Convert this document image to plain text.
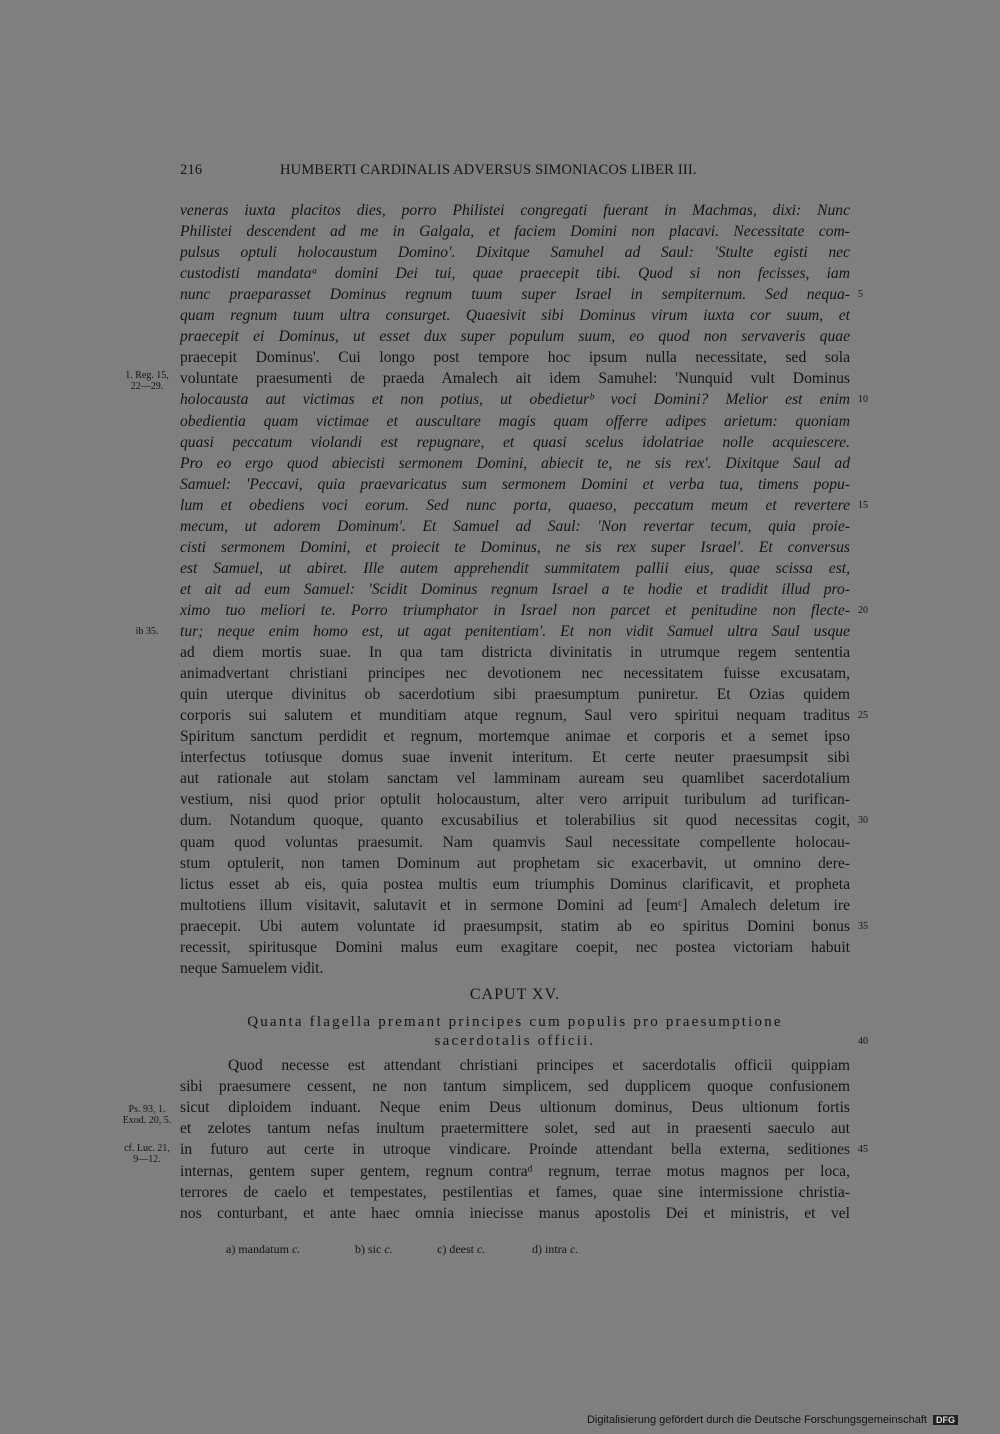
216	HUMBERTI CARDINALIS ADVERSUS SIMONIACOS LIBER III.
veneras iuxta placitos dies, porro Philistei congregati fuerant in Machmas, dixi: Nunc
Philistei descendent ad me in Galgala, et faciem Domini non placavi. Necessitate com-
pulsus optuli holocaustum Domino'. Dixitque Samuhel ad Saul: 'Stulte egisti nec
custodisti mandataᵃ domini Dei tui, quae praecepit tibi. Quod si non fecisses, iam
nunc praeparasset Dominus regnum tuum super Israel in sempiternum. Sed nequa- 5
quam regnum tuum ultra consurget. Quaesivit sibi Dominus virum iuxta cor suum, et
praecepit ei Dominus, ut esset dux super populum suum, eo quod non servaveris quae
praecepit Dominus'. Cui longo post tempore hoc ipsum nulla necessitate, sed sola
voluntate praesumenti de praeda Amalech ait idem Samuhel: 'Nunquid vult Dominus
holocausta aut victimas et non potius, ut obedieturᵇ voci Domini? Melior est enim 10
obedientia quam victimae et auscultare magis quam offerre adipes arietum: quoniam
quasi peccatum violandi est repugnare, et quasi scelus idolatriae nolle acquiescere.
Pro eo ergo quod abiecisti sermonem Domini, abiecit te, ne sis rex'. Dixitque Saul ad
Samuel: 'Peccavi, quia praevaricatus sum sermonem Domini et verba tua, timens popu-
lum et obediens voci eorum. Sed nunc porta, quaeso, peccatum meum et revertere 15
mecum, ut adorem Dominum'. Et Samuel ad Saul: 'Non revertar tecum, quia proie-
cisti sermonem Domini, et proiecit te Dominus, ne sis rex super Israel'. Et conversus
est Samuel, ut abiret. Ille autem apprehendit summitatem pallii eius, quae scissa est,
et ait ad eum Samuel: 'Scidit Dominus regnum Israel a te hodie et tradidit illud pro-
ximo tuo meliori te. Porro triumphator in Israel non parcet et penitudine non flecte- 20
tur; neque enim homo est, ut agat penitentiam'. Et non vidit Samuel ultra Saul usque
ad diem mortis suae. In qua tam districta divinitatis in utrumque regem sententia
animadvertant christiani principes nec devotionem nec necessitatem fuisse excusatam,
quin uterque divinitus ob sacerdotium sibi praesumptum puniretur. Et Ozias quidem
corporis sui salutem et munditiam atque regnum, Saul vero spiritui nequam traditus 25
Spiritum sanctum perdidit et regnum, mortemque animae et corporis et a semet ipso
interfectus totiusque domus suae invenit interitum. Et certe neuter praesumpsit sibi
aut rationale aut stolam sanctam vel lamminam auream seu quamlibet sacerdotalium
vestium, nisi quod prior optulit holocaustum, alter vero arripuit turibulum ad turifican-
dum. Notandum quoque, quanto excusabilius et tolerabilius sit quod necessitas cogit, 30
quam quod voluntas praesumit. Nam quamvis Saul necessitate compellente holocau-
stum optulerit, non tamen Dominum aut prophetam sic exacerbavit, ut omnino dere-
lictus esset ab eis, quia postea multis eum triumphis Dominus clarificavit, et propheta
multotiens illum visitavit, salutavit et in sermone Domini ad [eumᶜ] Amalech deletum ire
praecepit. Ubi autem voluntate id praesumpsit, statim ab eo spiritus Domini bonus 35
recessit, spiritusque Domini malus eum exagitare coepit, nec postea victoriam habuit
neque Samuelem vidit.
1. Reg. 15,
22—29.
ib 35.
CAPUT XV.
Quanta flagella premant principes cum populis pro praesumptione
sacerdotalis officii.	40
Quod necesse est attendant christiani principes et sacerdotalis officii quippiam
sibi praesumere cessent, ne non tantum simplicem, sed dupplicem quoque confusionem
sicut diploidem induant. Neque enim Deus ultionum dominus, Deus ultionum fortis
et zelotes tantum nefas inultum praetermittere solet, sed aut in praesenti saeculo aut
in futuro aut certe in utroque vindicare. Proinde attendant bella externa, seditiones 45
internas, gentem super gentem, regnum contraᵈ regnum, terrae motus magnos per loca,
terrores de caelo et tempestates, pestilentias et fames, quae sine intermissione christia-
nos conturbant, et ante haec omnia iniecisse manus apostolis Dei et ministris, et vel
Ps. 93, 1.
Exod. 20, 5.
cf. Luc. 21,
9—12.
a) mandatum c.	b) sic c.	c) deest c.	d) intra c.
Digitalisierung gefördert durch die Deutsche Forschungsgemeinschaft DFG
